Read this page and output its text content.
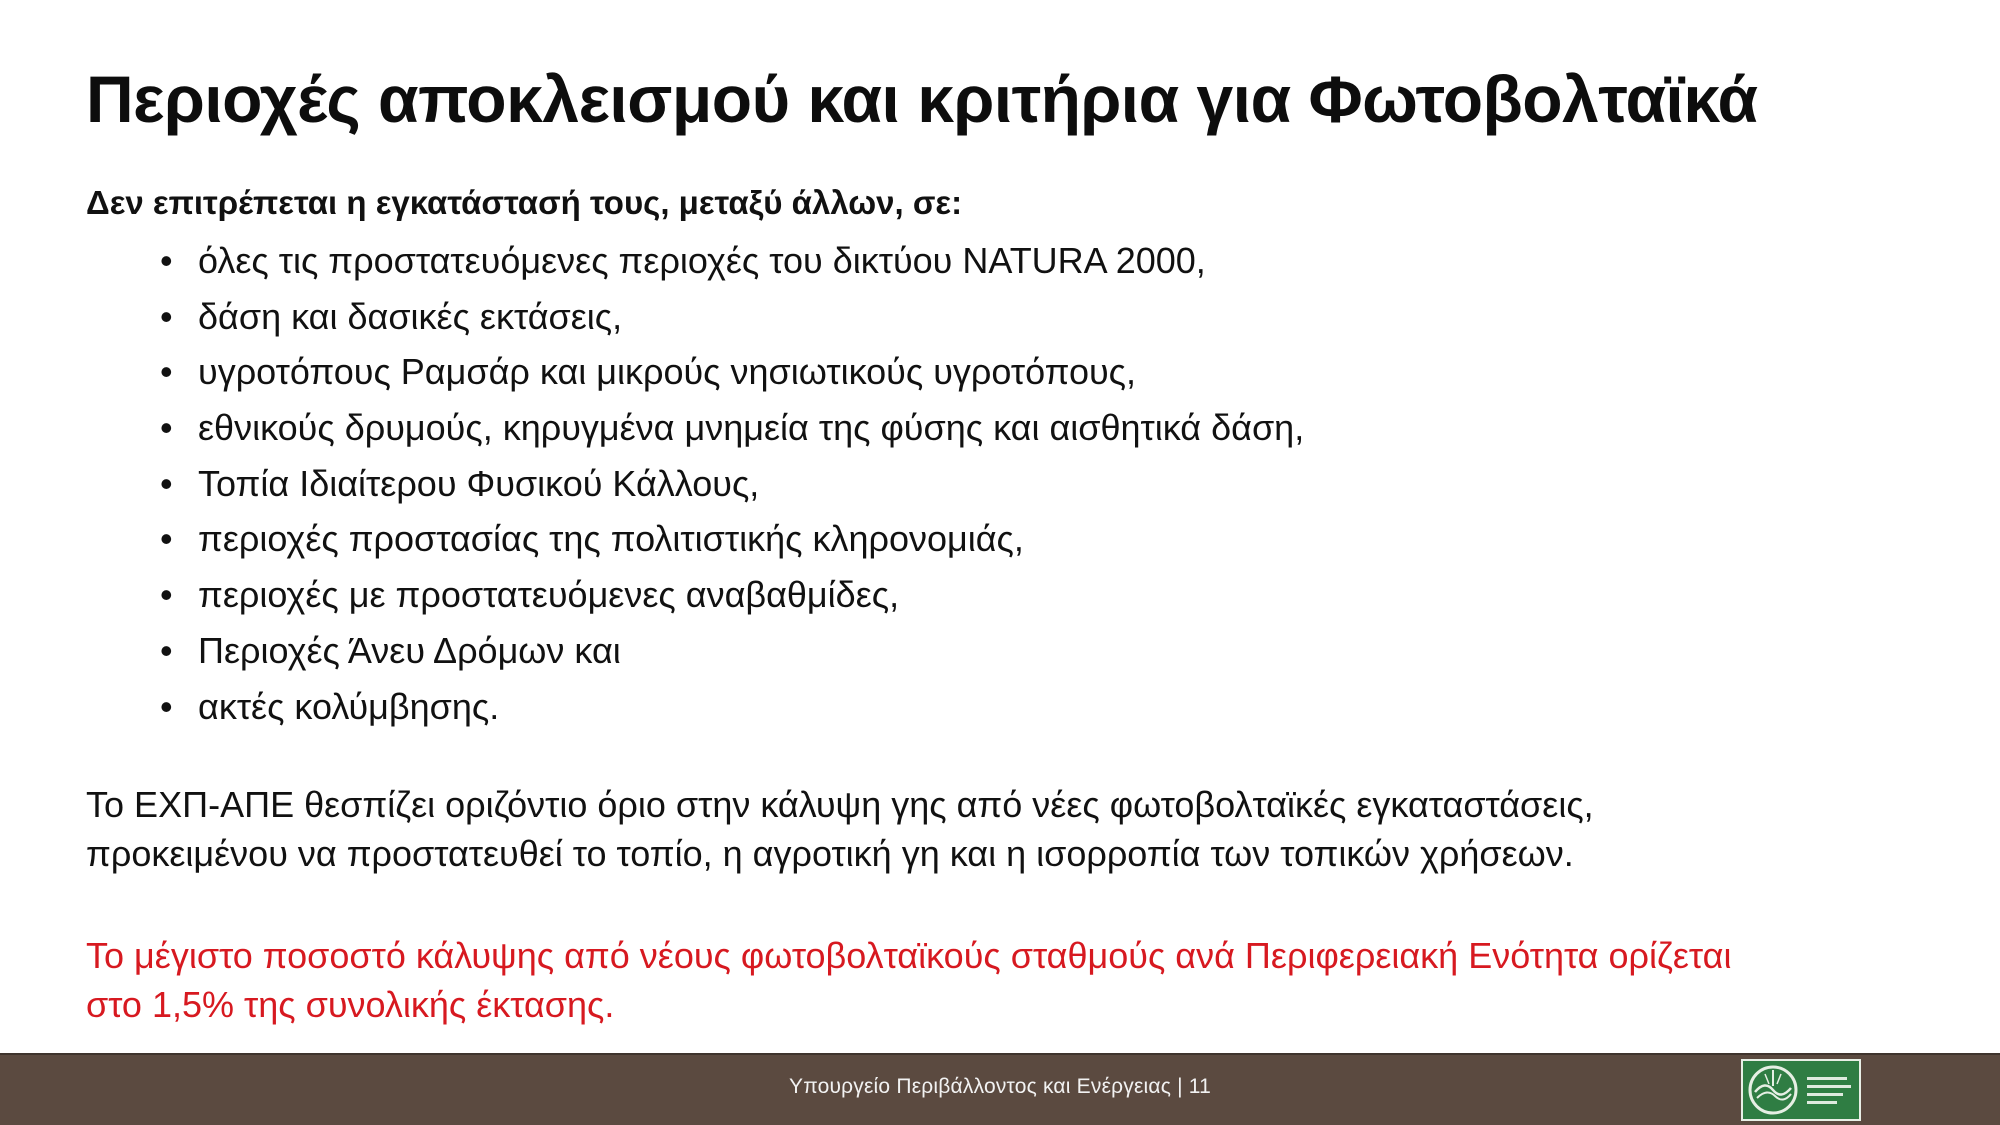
Περιοχές αποκλεισμού και κριτήρια για Φωτοβολταϊκά
Δεν επιτρέπεται η εγκατάστασή τους, μεταξύ άλλων, σε:
• όλες τις προστατευόμενες περιοχές του δικτύου NATURA 2000,
• δάση και δασικές εκτάσεις,
• υγροτόπους Ραμσάρ και μικρούς νησιωτικούς υγροτόπους,
• εθνικούς δρυμούς, κηρυγμένα μνημεία της φύσης και αισθητικά δάση,
• Τοπία Ιδιαίτερου Φυσικού Κάλλους,
• περιοχές προστασίας της πολιτιστικής κληρονομιάς,
• περιοχές με προστατευόμενες αναβαθμίδες,
• Περιοχές Άνευ Δρόμων και
• ακτές κολύμβησης.
Το ΕΧΠ-ΑΠΕ θεσπίζει οριζόντιο όριο στην κάλυψη γης από νέες φωτοβολταϊκές εγκαταστάσεις,
προκειμένου να προστατευθεί το τοπίο, η αγροτική γη και η ισορροπία των τοπικών χρήσεων.
Το μέγιστο ποσοστό κάλυψης από νέους φωτοβολταϊκούς σταθμούς ανά Περιφερειακή Ενότητα ορίζεται
στο 1,5% της συνολικής έκτασης.
Υπουργείο Περιβάλλοντος και Ενέργειας | 11
